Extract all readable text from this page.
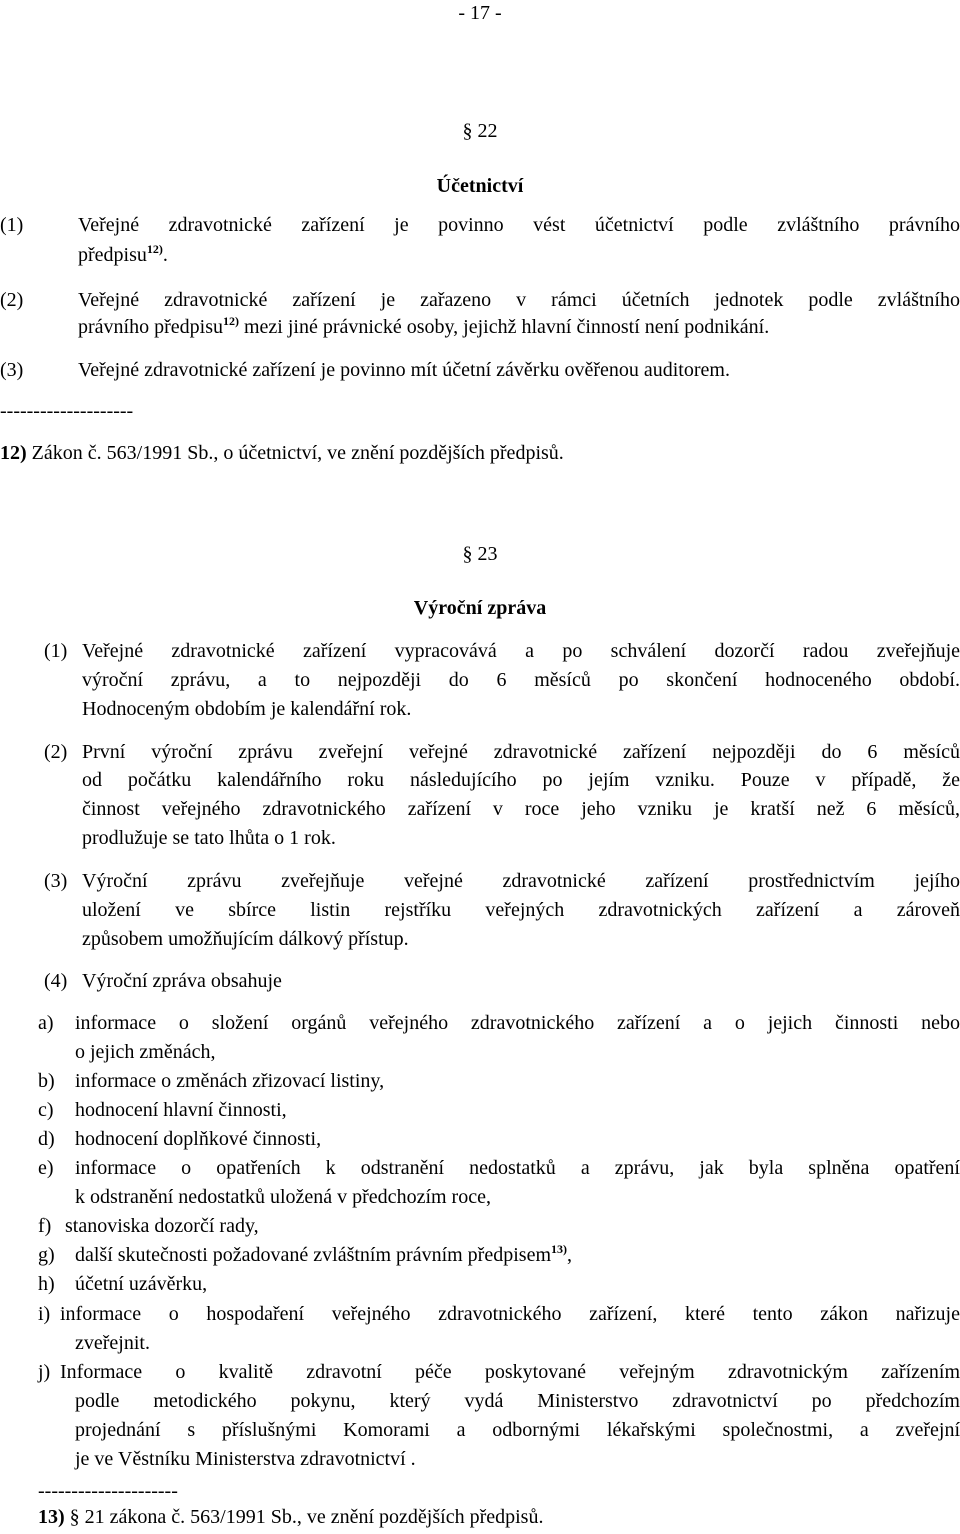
- 17 -
§ 22
Účetnictví
(1)	Veřejné zdravotnické zařízení je povinno vést účetnictví podle zvláštního právního
předpisu$^{12)}$.
(2)	Veřejné zdravotnické zařízení je zařazeno v rámci účetních jednotek podle zvláštního
právního předpisu$^{12)}$ mezi jiné právnické osoby, jejichž hlavní činností není podnikání.
(3)	Veřejné zdravotnické zařízení je povinno mít účetní závěrku ověřenou auditorem.
--------------------
12) Zákon č. 563/1991 Sb., o účetnictví, ve znění pozdějších předpisů.
§ 23
Výroční zpráva
(1) Veřejné zdravotnické zařízení vypracovává a po schválení dozorčí radou zveřejňuje
výroční zprávu, a to nejpozději do 6 měsíců po skončení hodnoceného období.
Hodnoceným obdobím je kalendářní rok.
(2) První výroční zprávu zveřejní veřejné zdravotnické zařízení nejpozději do 6 měsíců
od počátku kalendářního roku následujícího po jejím vzniku. Pouze v případě, že
činnost veřejného zdravotnického zařízení v roce jeho vzniku je kratší než 6 měsíců,
prodlužuje se tato lhůta o 1 rok.
(3) Výroční zprávu zveřejňuje veřejné zdravotnické zařízení prostřednictvím jejího
uložení ve sbírce listin rejstříku veřejných zdravotnických zařízení a zároveň
způsobem umožňujícím dálkový přístup.
(4) Výroční zpráva obsahuje
a) informace o složení orgánů veřejného zdravotnického zařízení a o jejich činnosti nebo
o jejich změnách,
b) informace o změnách zřizovací listiny,
c) hodnocení hlavní činnosti,
d) hodnocení doplňkové činnosti,
e) informace o opatřeních k odstranění nedostatků a zprávu, jak byla splněna opatření
k odstranění nedostatků uložená v předchozím roce,
f) stanoviska dozorčí rady,
g) další skutečnosti požadované zvláštním právním předpisem$^{13)}$,
h) účetní uzávěrku,
i) informace o hospodaření veřejného zdravotnického zařízení, které tento zákon nařizuje
zveřejnit.
j) Informace o kvalitě zdravotní péče poskytované veřejným zdravotnickým zařízením
podle metodického pokynu, který vydá Ministerstvo zdravotnictví po předchozím
projednání s příslušnými Komorami a odbornými lékařskými společnostmi, a zveřejní
je ve Věstníku Ministerstva zdravotnictví .
---------------------
13) § 21 zákona č. 563/1991 Sb., ve znění pozdějších předpisů.
